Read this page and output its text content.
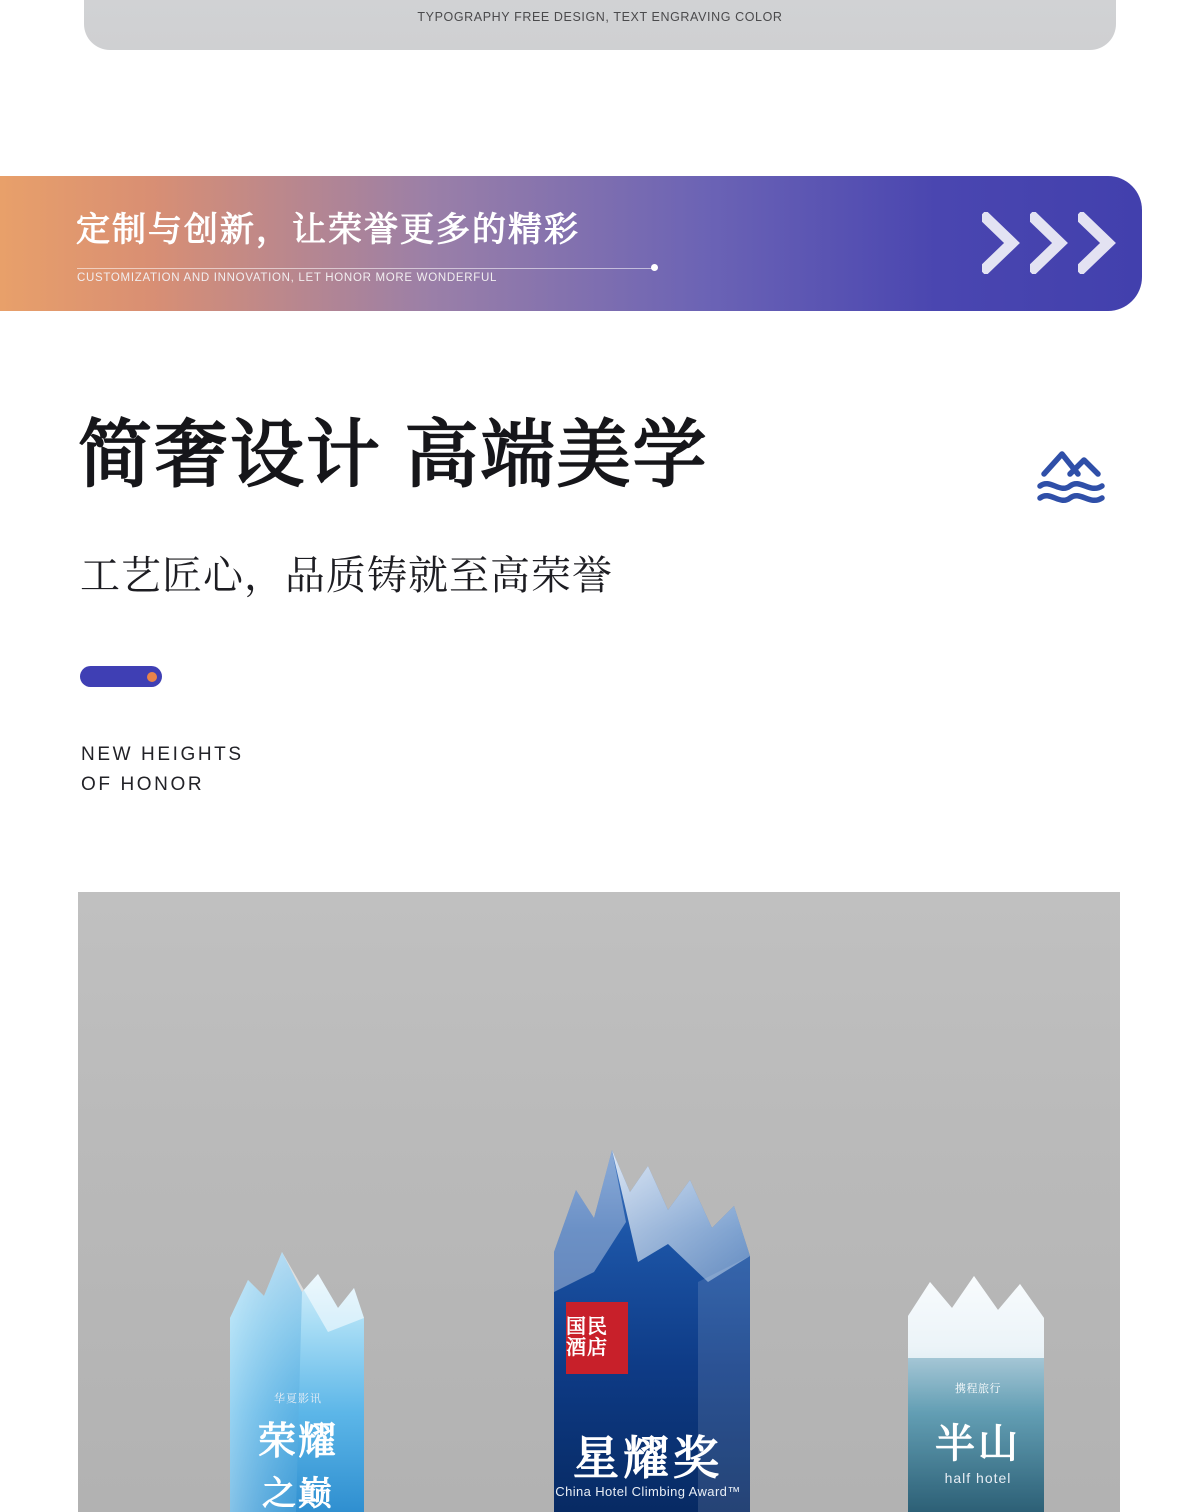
TYPOGRAPHY FREE DESIGN, TEXT ENGRAVING COLOR
定制与创新，让荣誉更多的精彩
CUSTOMIZATION AND INNOVATION, LET HONOR MORE WONDERFUL
简奢设计 高端美学
工艺匠心，品质铸就至高荣誉
NEW HEIGHTS
OF HONOR
华夏影讯
荣耀
之巅
国民酒店
星耀奖
China Hotel Climbing Award™
携程旅行
半山
half hotel
